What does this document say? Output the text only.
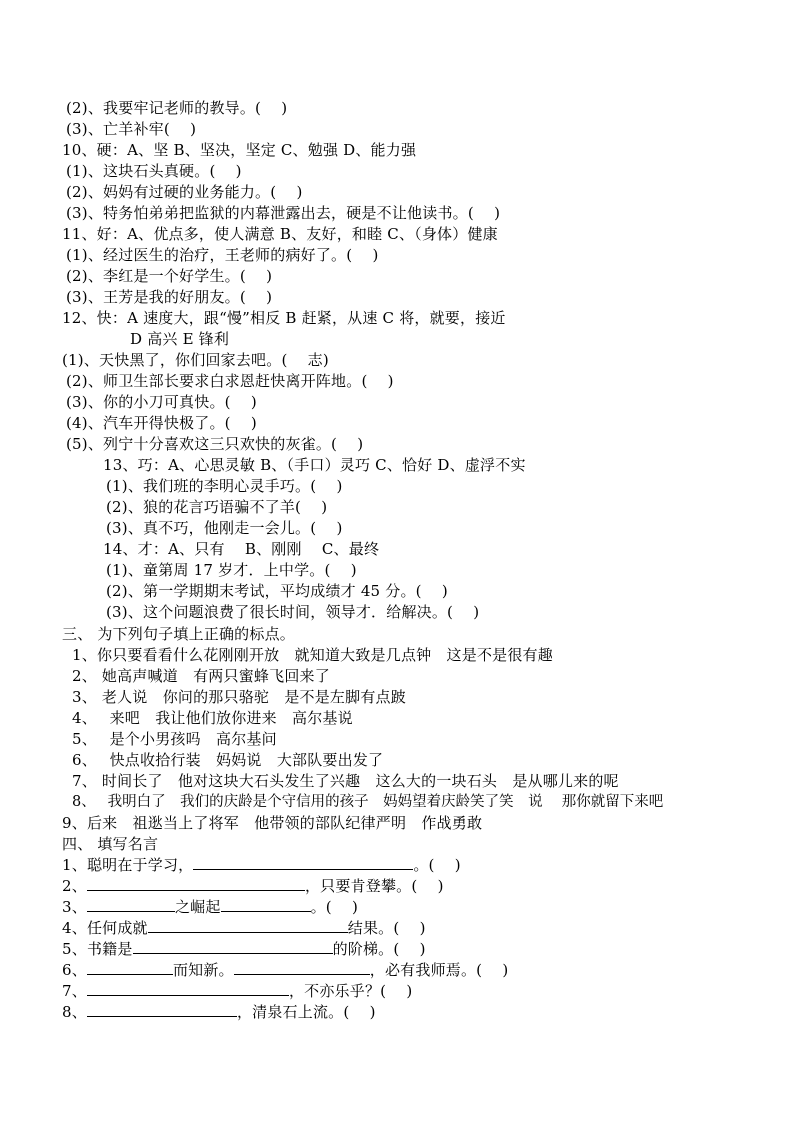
(2)、我要牢记老师的教导。(　 )
(3)、亡羊补牢(　 )
10、硬：A、坚 B、坚决，坚定 C、勉强 D、能力强
(1)、这块石头真硬。(　 )
(2)、妈妈有过硬的业务能力。(　 )
(3)、特务怕弟弟把监狱的内幕泄露出去，硬是不让他读书。(　 )
11、好：A、优点多，使人满意 B、友好，和睦 C、（身体）健康
(1)、经过医生的治疗，王老师的病好了。(　 )
(2)、李红是一个好学生。(　 )
(3)、王芳是我的好朋友。(　 )
12、快：A 速度大，跟“慢”相反 B 赶紧，从速 C 将，就要，接近
D 高兴 E 锋利
(1)、天快黑了，你们回家去吧。(　 志)
(2)、师卫生部长要求白求恩赶快离开阵地。(　 )
(3)、你的小刀可真快。(　 )
(4)、汽车开得快极了。(　 )
(5)、列宁十分喜欢这三只欢快的灰雀。(　 )
13、巧：A、心思灵敏 B、（手口）灵巧 C、恰好 D、虚浮不实
(1)、我们班的李明心灵手巧。(　 )
(2)、狼的花言巧语骗不了羊(　 )
(3)、真不巧，他刚走一会儿。(　 )
14、才：A、只有　 B、刚刚　 C、最终
(1)、童第周 17 岁才．上中学。(　 )
(2)、第一学期期末考试，平均成绩才 45 分。(　 )
(3)、这个问题浪费了很长时间，领导才．给解决。(　 )
三、 为下列句子填上正确的标点。
1、你只要看看什么花刚刚开放　就知道大致是几点钟　这是不是很有趣
2、 她高声喊道　有两只蜜蜂飞回来了
3、 老人说　你问的那只骆驼　是不是左脚有点跛
4、　 来吧　我让他们放你进来　高尔基说
5、　 是个小男孩吗　高尔基问
6、　 快点收拾行装　妈妈说　大部队要出发了
7、 时间长了　他对这块大石头发生了兴趣　这么大的一块石头　是从哪儿来的呢
8、　 我明白了　我们的庆龄是个守信用的孩子　妈妈望着庆龄笑了笑　说　 那你就留下来吧
9、后来　祖逖当上了将军　他带领的部队纪律严明　作战勇敢
四、 填写名言
1、聪明在于学习，	。(　 )
2、	，只要肯登攀。(　 )
3、	之崛起	。(　 )
4、任何成就	结果。(　 )
5、书籍是	的阶梯。(　 )
6、	而知新。	，必有我师焉。(　 )
7、	，不亦乐乎？(　 )
8、	，清泉石上流。(　 )
